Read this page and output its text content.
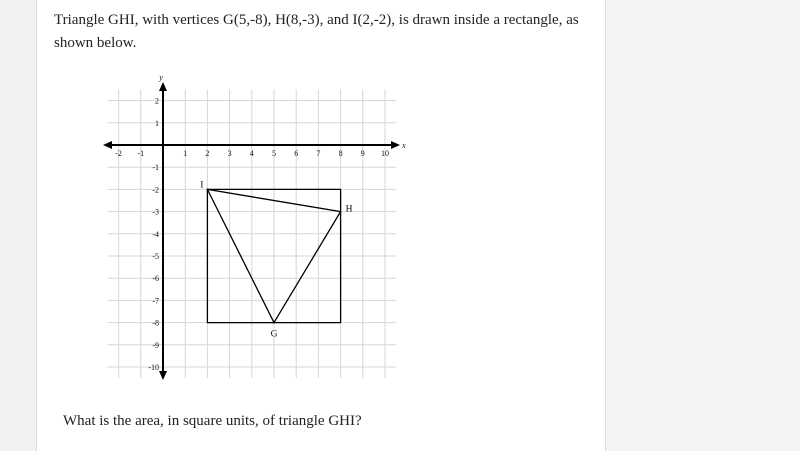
Triangle GHI, with vertices G(5,-8), H(8,-3), and I(2,-2), is drawn inside a rectangle, as shown below.
What is the area, in square units, of triangle GHI?
x
y
-2 -1	1 2 3 4 5 6 7 8 9 10
2
1
-1
-2
-3
-4
-5
-6
-7
-8
-9
-10
G
H
I
